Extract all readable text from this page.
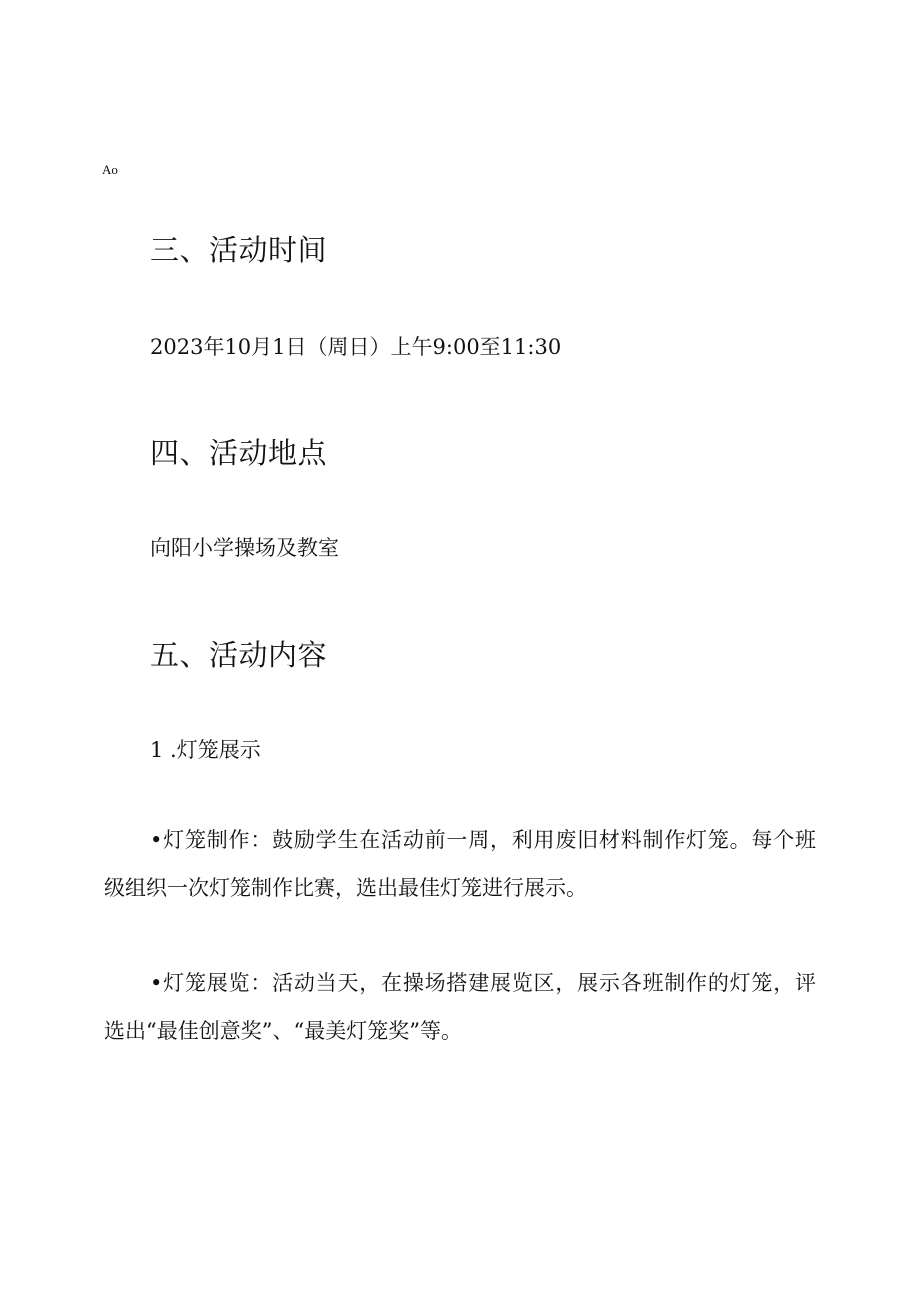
Ao
三、活动时间
2023年10月1日（周日）上午9:00至11:30
四、活动地点
向阳小学操场及教室
五、活动内容
1 .灯笼展示
•灯笼制作：鼓励学生在活动前一周，利用废旧材料制作灯笼。每个班
级组织一次灯笼制作比赛，选出最佳灯笼进行展示。
•灯笼展览：活动当天，在操场搭建展览区，展示各班制作的灯笼，评
选出“最佳创意奖”、“最美灯笼奖”等。
